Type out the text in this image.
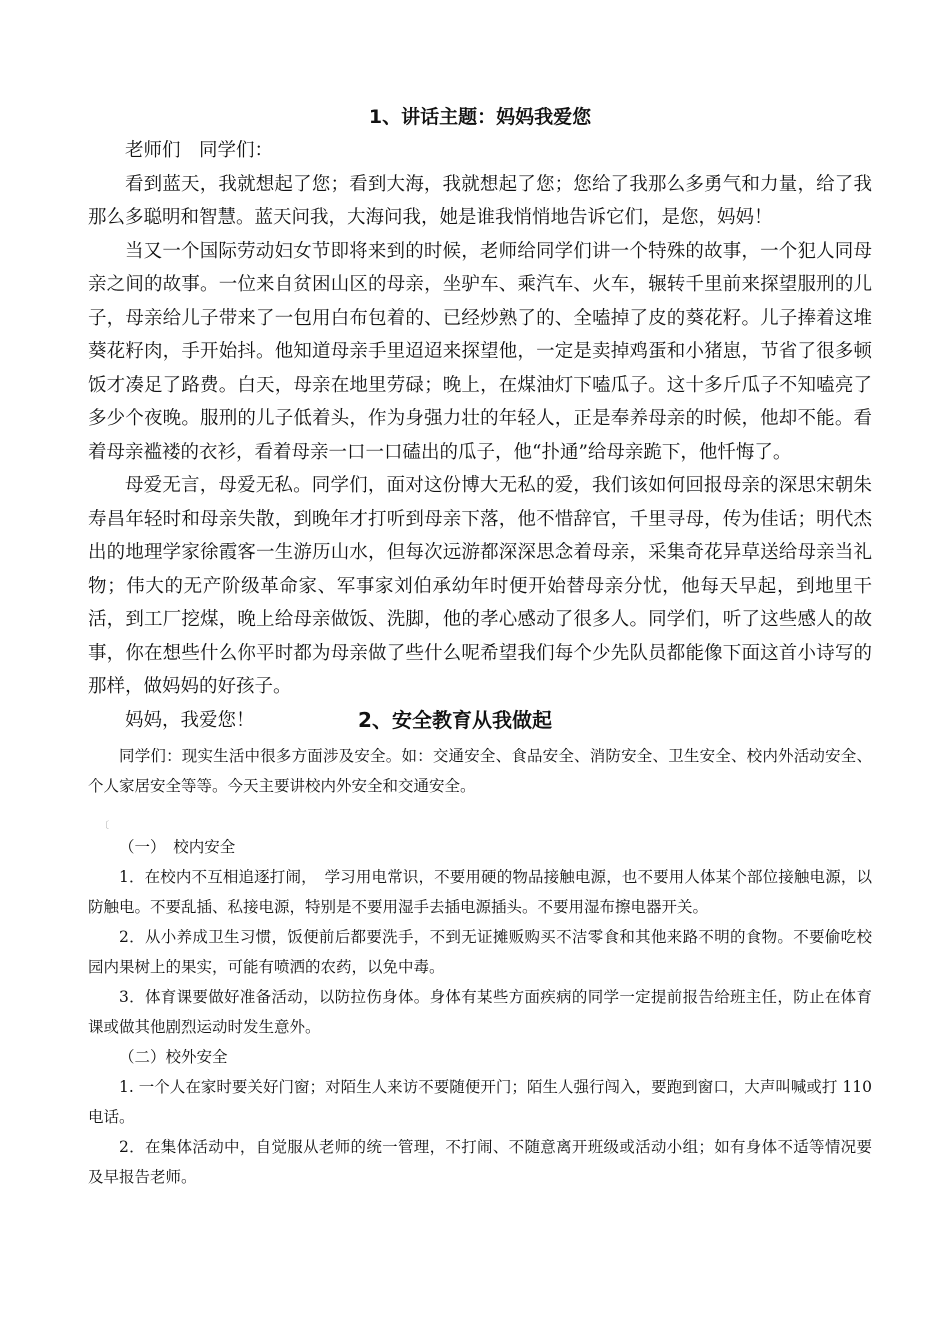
1、讲话主题：妈妈我爱您

老师们　同学们：

看到蓝天，我就想起了您；看到大海，我就想起了您；您给了我那么多勇气和力量，给了我那么多聪明和智慧。蓝天问我，大海问我，她是谁我悄悄地告诉它们，是您，妈妈！

当又一个国际劳动妇女节即将来到的时候，老师给同学们讲一个特殊的故事，一个犯人同母亲之间的故事。一位来自贫困山区的母亲，坐驴车、乘汽车、火车，辗转千里前来探望服刑的儿子，母亲给儿子带来了一包用白布包着的、已经炒熟了的、全嗑掉了皮的葵花籽。儿子捧着这堆葵花籽肉，手开始抖。他知道母亲手里迢迢来探望他，一定是卖掉鸡蛋和小猪崽，节省了很多顿饭才凑足了路费。白天，母亲在地里劳碌；晚上，在煤油灯下嗑瓜子。这十多斤瓜子不知嗑亮了多少个夜晚。服刑的儿子低着头，作为身强力壮的年轻人，正是奉养母亲的时候，他却不能。看着母亲褴褛的衣衫，看着母亲一口一口磕出的瓜子，他“扑通”给母亲跪下，他忏悔了。

母爱无言，母爱无私。同学们，面对这份博大无私的爱，我们该如何回报母亲的深思宋朝朱寿昌年轻时和母亲失散，到晚年才打听到母亲下落，他不惜辞官，千里寻母，传为佳话；明代杰出的地理学家徐霞客一生游历山水，但每次远游都深深思念着母亲，采集奇花异草送给母亲当礼物；伟大的无产阶级革命家、军事家刘伯承幼年时便开始替母亲分忧，他每天早起，到地里干活，到工厂挖煤，晚上给母亲做饭、洗脚，他的孝心感动了很多人。同学们，听了这些感人的故事，你在想些什么你平时都为母亲做了些什么呢希望我们每个少先队员都能像下面这首小诗写的那样，做妈妈的好孩子。

妈妈，我爱您！	2、安全教育从我做起

同学们：现实生活中很多方面涉及安全。如：交通安全、食品安全、消防安全、卫生安全、校内外活动安全、个人家居安全等等。今天主要讲校内外安全和交通安全。

〔

（一）　校内安全

1．在校内不互相追逐打闹，　学习用电常识，不要用硬的物品接触电源，也不要用人体某个部位接触电源，以防触电。不要乱插、私接电源，特别是不要用湿手去插电源插头。不要用湿布擦电器开关。

2．从小养成卫生习惯，饭便前后都要洗手，不到无证摊贩购买不洁零食和其他来路不明的食物。不要偷吃校园内果树上的果实，可能有喷洒的农药，以免中毒。

3．体育课要做好准备活动，以防拉伤身体。身体有某些方面疾病的同学一定提前报告给班主任，防止在体育课或做其他剧烈运动时发生意外。

（二）校外安全

1. 一个人在家时要关好门窗；对陌生人来访不要随便开门；陌生人强行闯入，要跑到窗口，大声叫喊或打 110 电话。

2．在集体活动中，自觉服从老师的统一管理，不打闹、不随意离开班级或活动小组；如有身体不适等情况要及早报告老师。
